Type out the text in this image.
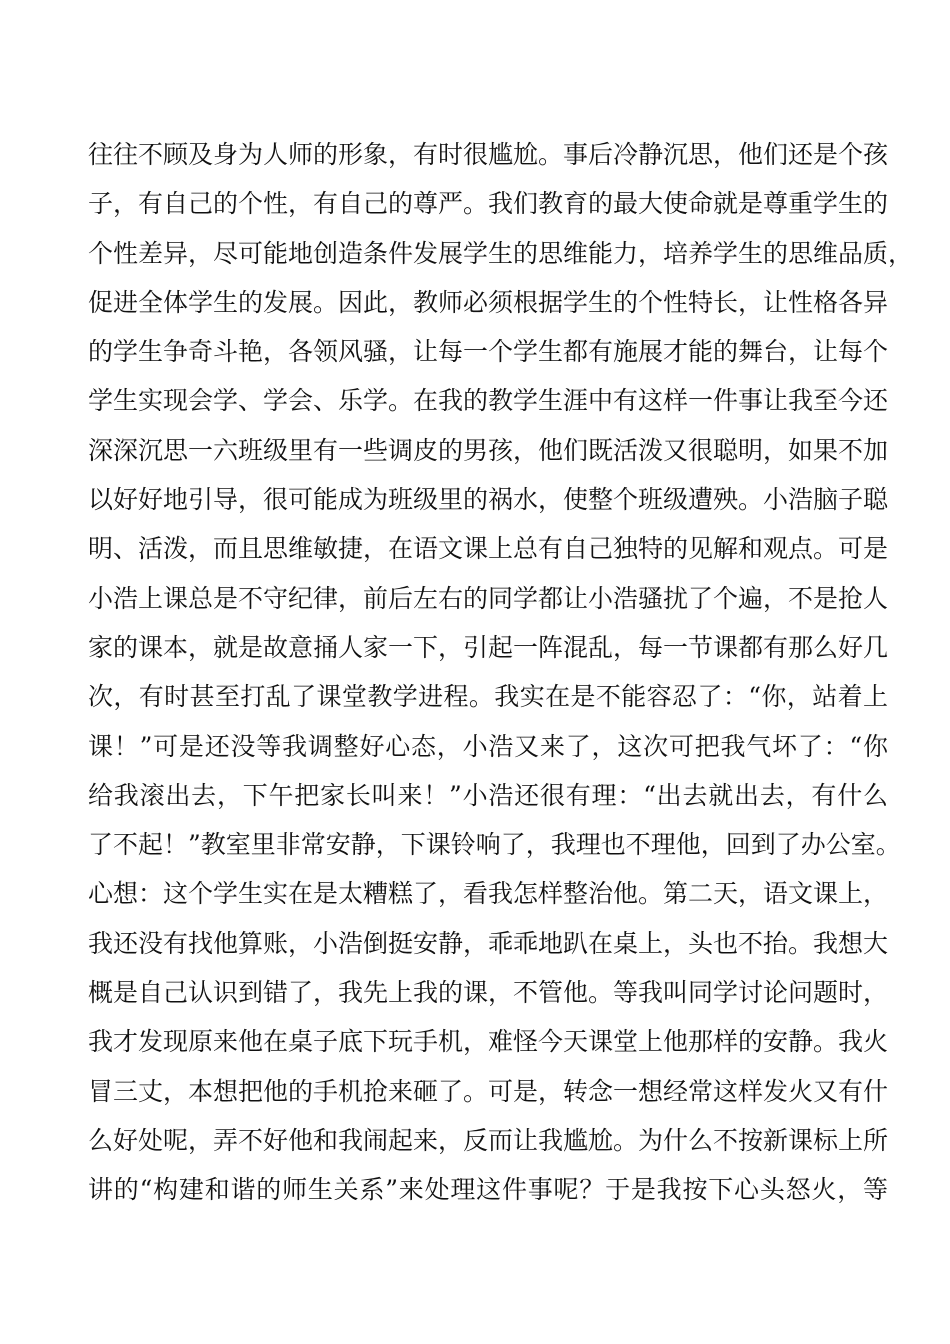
往往不顾及身为人师的形象，有时很尴尬。事后冷静沉思，他们还是个孩
子，有自己的个性，有自己的尊严。我们教育的最大使命就是尊重学生的
个性差异，尽可能地创造条件发展学生的思维能力，培养学生的思维品质，
促进全体学生的发展。因此，教师必须根据学生的个性特长，让性格各异
的学生争奇斗艳，各领风骚，让每一个学生都有施展才能的舞台，让每个
学生实现会学、学会、乐学。在我的教学生涯中有这样一件事让我至今还
深深沉思一六班级里有一些调皮的男孩，他们既活泼又很聪明，如果不加
以好好地引导，很可能成为班级里的祸水，使整个班级遭殃。小浩脑子聪
明、活泼，而且思维敏捷，在语文课上总有自己独特的见解和观点。可是
小浩上课总是不守纪律，前后左右的同学都让小浩骚扰了个遍，不是抢人
家的课本，就是故意捅人家一下，引起一阵混乱，每一节课都有那么好几
次，有时甚至打乱了课堂教学进程。我实在是不能容忍了：“你，站着上
课！”可是还没等我调整好心态，小浩又来了，这次可把我气坏了：“你
给我滚出去，下午把家长叫来！”小浩还很有理：“出去就出去，有什么
了不起！”教室里非常安静，下课铃响了，我理也不理他，回到了办公室。
心想：这个学生实在是太糟糕了，看我怎样整治他。第二天，语文课上，
我还没有找他算账，小浩倒挺安静，乖乖地趴在桌上，头也不抬。我想大
概是自己认识到错了，我先上我的课，不管他。等我叫同学讨论问题时，
我才发现原来他在桌子底下玩手机，难怪今天课堂上他那样的安静。我火
冒三丈，本想把他的手机抢来砸了。可是，转念一想经常这样发火又有什
么好处呢，弄不好他和我闹起来，反而让我尴尬。为什么不按新课标上所
讲的“构建和谐的师生关系”来处理这件事呢？于是我按下心头怒火，等
